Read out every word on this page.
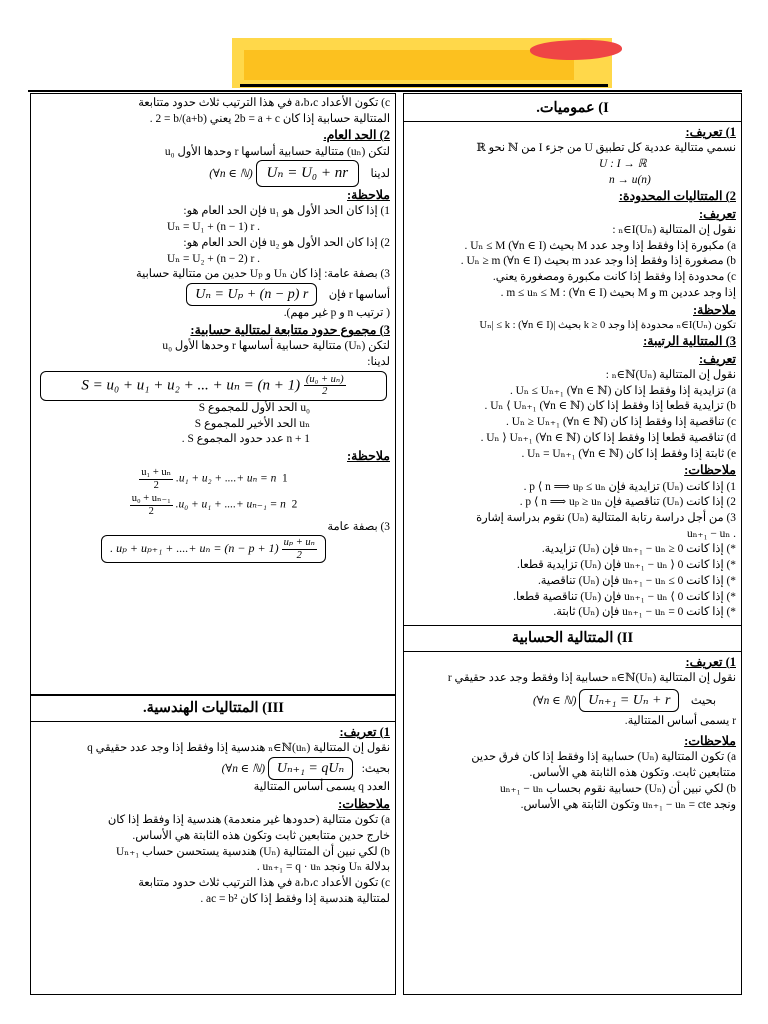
c) تكون الأعداد a،b،c في هذا الترتيب ثلاث حدود متتابعة
المتتالية حسابية إذا كان 2b = a + c يعني (a+b)/2 = b .
2) الحد العام.
لتكن (uₙ) متتالية حسابية أساسها r وحدها الأول u₀
لدينا    Uₙ = U₀ + nr (∀n ∈ ℕ)
ملاحظة:
1) إذا كان الحد الأول هو u₁ فإن الحد العام هو:
. Uₙ = U₁ + (n − 1) r
2) إذا كان الحد الأول هو u₂ فإن الحد العام هو:
. Uₙ = U₂ + (n − 2) r
3) بصفة عامة: إذا كان Uₙ و Uₚ حدين من متتالية حسابية
أساسها r فإن    Uₙ = Uₚ + (n − p) r
( ترتيب n و p غير مهم).
3) مجموع حدود متتابعة لمتتالية حسابية:
لتكن (Uₙ) متتالية حسابية أساسها r وحدها الأول u₀
لدينا:
S = u₀ + u₁ + u₂ + ... + $u_n = (n + 1) \frac{\text{(u₀ + uₙ)}}{2}$
u₀ الحد الأول للمجموع S
uₙ الحد الأخير للمجموع S
n + 1 عدد حدود المجموع S .
ملاحظة:
1  .u₁ + u₂ + ....+ uₙ = n
$\frac{\text{u₁ + uₙ}}{2}$
2  .u₀ + u₁ + ....+ uₙ₋₁ = n
$\frac{\text{u₀ + uₙ₋₁}}{2}$
3) بصفة عامة
. uₚ + uₚ₊₁ + ....+ $u_n = (n - p + 1) \frac{\text{uₚ + uₙ}}{2}$
III) المتتاليات الهندسية.
1) تعريف:
نقول إن المتتالية (uₙ)ₙ∈ℕ هندسية إذا وفقط إذا وجد عدد حقيقي q
بحيث:   Uₙ₊₁ = qUₙ (∀n ∈ ℕ)
العدد q يسمى أساس المتتالية
ملاحظات:
a) تكون متتالية (حدودها غير منعدمة) هندسية إذا وفقط إذا كان
خارج حدين متتابعين ثابت وتكون هذه الثابتة هي الأساس.
b) لكي نبين أن المتتالية (Uₙ) هندسية يستحسن حساب Uₙ₊₁
بدلالة Uₙ ونجد uₙ₊₁ = q · uₙ .
c) تكون الأعداد a،b،c في هذا الترتيب ثلاث حدود متتابعة
لمتتالية هندسية إذا وفقط إذا كان ac = b² .
I) عموميات.
1) تعريف:
نسمي متتالية عددية كل تطبيق U من جزء I من ℕ نحو ℝ
U : I → ℝ
n → u(n)
2) المتتاليات المحدودة:
تعريف:
نقول إن المتتالية (Uₙ)ₙ∈I :
a) مكبورة إذا وفقط إذا وجد عدد M بحيث Uₙ ≤ M (∀n ∈ I) .
b) مصغورة إذا وفقط إذا وجد عدد m بحيث Uₙ ≥ m (∀n ∈ I) .
c) محدودة إذا وفقط إذا كانت مكبورة ومصغورة يعني.
إذا وجد عددين m و M بحيث m ≤ uₙ ≤ M : (∀n ∈ I) .
ملاحظة:
تكون (Uₙ)ₙ∈I محدودة إذا وجد k ≥ 0 بحيث |Uₙ| ≤ k : (∀n ∈ I)
3) المتتالية الرتيبة:
تعريف:
نقول إن المتتالية (Uₙ)ₙ∈ℕ :
a) تزايدية إذا وفقط إذا كان Uₙ ≤ Uₙ₊₁ (∀n ∈ ℕ) .
b) تزايدية قطعا إذا وفقط إذا كان Uₙ ⟨ Uₙ₊₁ (∀n ∈ ℕ) .
c) تناقصية إذا وفقط إذا كان Uₙ ≥ Uₙ₊₁ (∀n ∈ ℕ) .
d) تناقصية قطعا إذا وفقط إذا كان Uₙ ⟩ Uₙ₊₁ (∀n ∈ ℕ) .
e) ثابتة إذا وفقط إذا كان Uₙ = Uₙ₊₁ (∀n ∈ ℕ) .
ملاحظات:
1) إذا كانت (Uₙ) تزايدية فإن p ⟨ n ⟹ uₚ ≤ uₙ .
2) إذا كانت (Uₙ) تناقصية فإن p ⟨ n ⟹ uₚ ≥ uₙ .
3) من أجل دراسة رتابة المتتالية (Uₙ) نقوم بدراسة إشارة
. uₙ₊₁ − uₙ
*) إذا كانت uₙ₊₁ − uₙ ≥ 0 فإن (Uₙ) تزايدية.
*) إذا كانت uₙ₊₁ − uₙ ⟩ 0 فإن (Uₙ) تزايدية قطعا.
*) إذا كانت uₙ₊₁ − uₙ ≤ 0 فإن (Uₙ) تناقصية.
*) إذا كانت uₙ₊₁ − uₙ ⟨ 0 فإن (Uₙ) تناقصية قطعا.
*) إذا كانت uₙ₊₁ − uₙ = 0 فإن (Uₙ) ثابتة.
II) المتتالية الحسابية
1) تعريف:
نقول إن المتتالية (Uₙ)ₙ∈ℕ حسابية إذا وفقط وجد عدد حقيقي r
بحيث    Uₙ₊₁ = Uₙ + r (∀n ∈ ℕ)
r يسمى أساس المتتالية.
ملاحظات:
a) تكون المتتالية (Uₙ) حسابية إذا وفقط إذا كان فرق حدين
متتابعين ثابت. وتكون هذه الثابتة هي الأساس.
b) لكي نبين أن (Uₙ) حسابية نقوم بحساب uₙ₊₁ − uₙ
ونجد uₙ₊₁ − uₙ = cte وتكون الثابتة هي الأساس.
